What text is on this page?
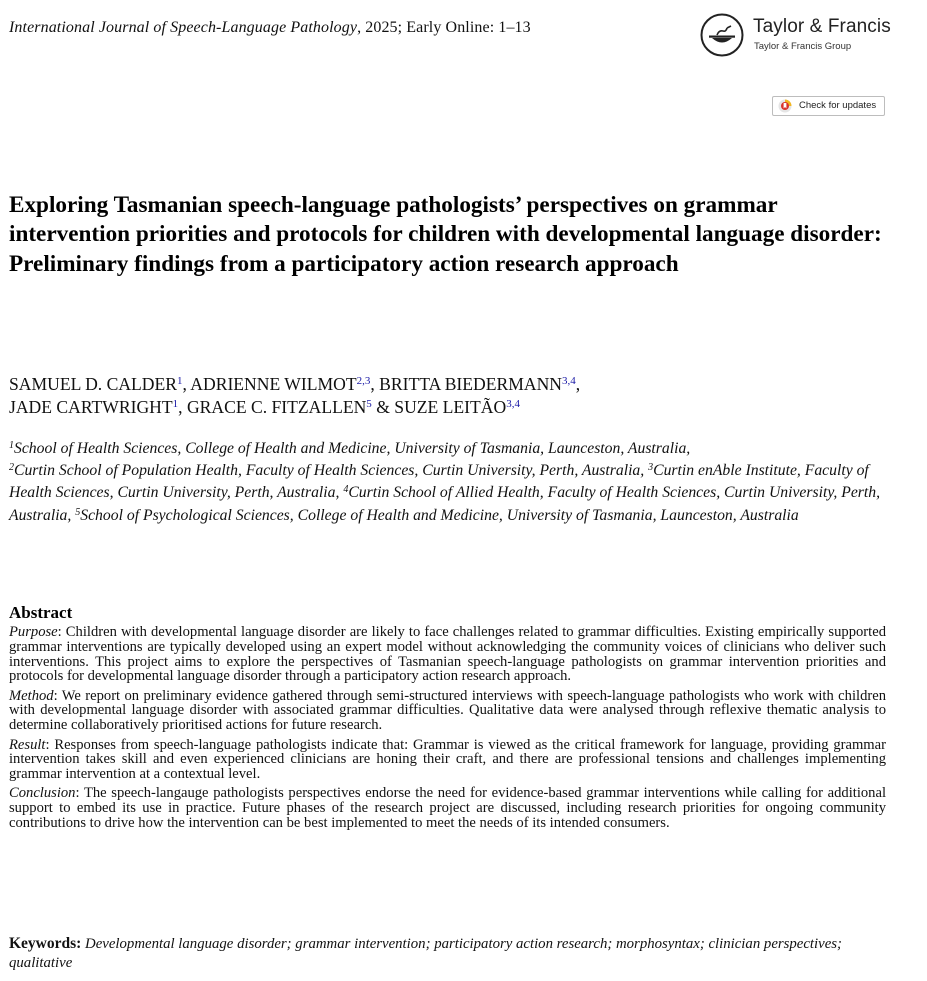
International Journal of Speech-Language Pathology, 2025; Early Online: 1–13	Taylor & Francis
Taylor & Francis Group
Check for updates
Exploring Tasmanian speech-language pathologists’ perspectives on grammar intervention priorities and protocols for children with developmental language disorder: Preliminary findings from a participatory action research approach
SAMUEL D. CALDER$^1$, ADRIENNE WILMOT$^{2,3}$, BRITTA BIEDERMANN$^{3,4}$,
JADE CARTWRIGHT$^1$, GRACE C. FITZALLEN$^5$ & SUZE LEITÃO$^{3,4}$
$^1$School of Health Sciences, College of Health and Medicine, University of Tasmania, Launceston, Australia,
$^2$Curtin School of Population Health, Faculty of Health Sciences, Curtin University, Perth, Australia, $^3$Curtin enAble Institute, Faculty of Health Sciences, Curtin University, Perth, Australia, $^4$Curtin School of Allied Health, Faculty of Health Sciences, Curtin University, Perth, Australia, $^5$School of Psychological Sciences, College of Health and Medicine, University of Tasmania, Launceston, Australia
Abstract

Purpose: Children with developmental language disorder are likely to face challenges related to grammar difficulties. Existing empirically supported grammar interventions are typically developed using an expert model without acknowledging the community voices of clinicians who deliver such interventions. This project aims to explore the perspectives of Tasmanian speech-language pathologists on grammar intervention priorities and protocols for developmental language disorder through a participatory action research approach.

Method: We report on preliminary evidence gathered through semi-structured interviews with speech-language pathologists who work with children with developmental language disorder with associated grammar difficulties. Qualitative data were analysed through reflexive thematic analysis to determine collaboratively prioritised actions for future research.

Result: Responses from speech-language pathologists indicate that: Grammar is viewed as the critical framework for language, providing grammar intervention takes skill and even experienced clinicians are honing their craft, and there are professional tensions and challenges implementing grammar intervention at a contextual level.

Conclusion: The speech-langauge pathologists perspectives endorse the need for evidence-based grammar interventions while calling for additional support to embed its use in practice. Future phases of the research project are discussed, including research priorities for ongoing community contributions to drive how the intervention can be best implemented to meet the needs of its intended consumers.

Keywords: Developmental language disorder; grammar intervention; participatory action research; morphosyntax; clinician perspectives; qualitative
